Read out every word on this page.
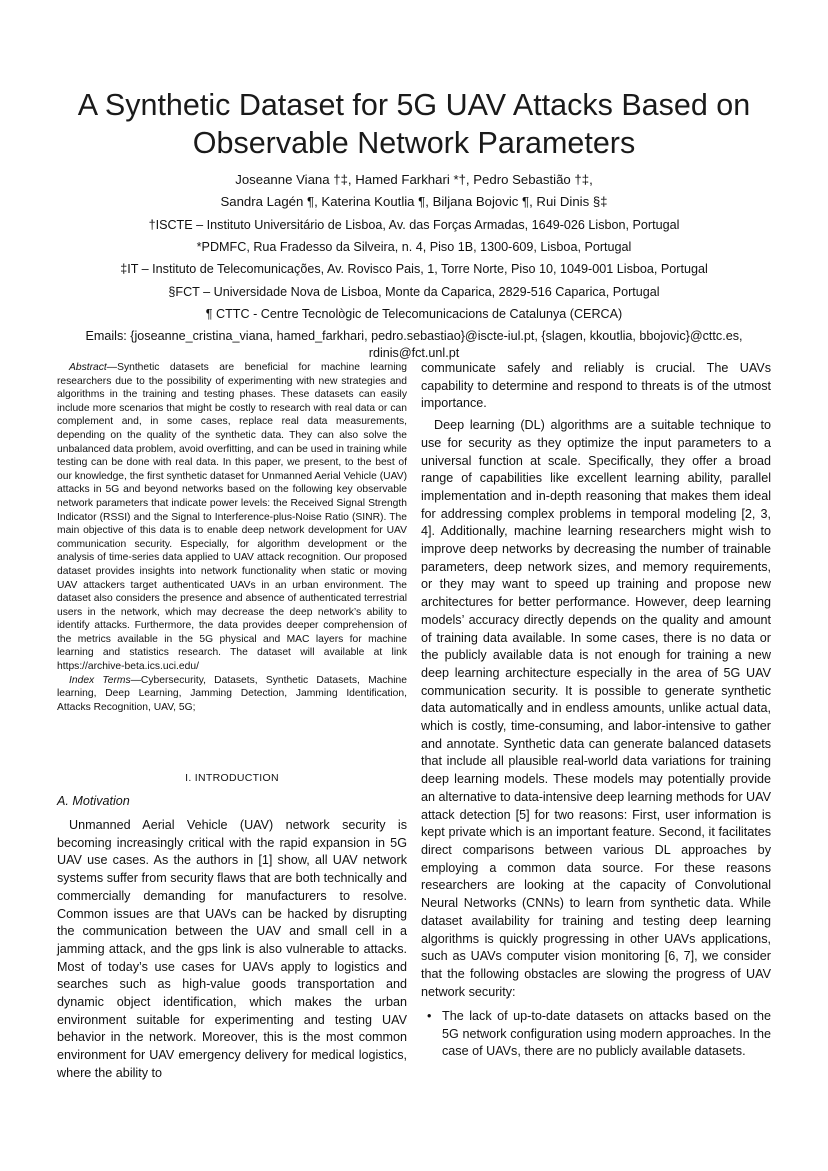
A Synthetic Dataset for 5G UAV Attacks Based on
Observable Network Parameters
Joseanne Viana †‡, Hamed Farkhari *†, Pedro Sebastião †‡,
Sandra Lagén ¶, Katerina Koutlia ¶, Biljana Bojovic ¶, Rui Dinis §‡
†ISCTE – Instituto Universitário de Lisboa, Av. das Forças Armadas, 1649-026 Lisbon, Portugal
*PDMFC, Rua Fradesso da Silveira, n. 4, Piso 1B, 1300-609, Lisboa, Portugal
‡IT – Instituto de Telecomunicações, Av. Rovisco Pais, 1, Torre Norte, Piso 10, 1049-001 Lisboa, Portugal
§FCT – Universidade Nova de Lisboa, Monte da Caparica, 2829-516 Caparica, Portugal
¶ CTTC - Centre Tecnològic de Telecomunicacions de Catalunya (CERCA)
Emails: {joseanne_cristina_viana, hamed_farkhari, pedro.sebastiao}@iscte-iul.pt, {slagen, kkoutlia, bbojovic}@cttc.es,
rdinis@fct.unl.pt

Abstract—Synthetic datasets are beneficial for machine learning researchers due to the possibility of experimenting with new strategies and algorithms in the training and testing phases. These datasets can easily include more scenarios that might be costly to research with real data or can complement and, in some cases, replace real data measurements, depending on the quality of the synthetic data. They can also solve the unbalanced data problem, avoid overfitting, and can be used in training while testing can be done with real data. In this paper, we present, to the best of our knowledge, the first synthetic dataset for Unmanned Aerial Vehicle (UAV) attacks in 5G and beyond networks based on the following key observable network parameters that indicate power levels: the Received Signal Strength Indicator (RSSI) and the Signal to Interference-plus-Noise Ratio (SINR). The main objective of this data is to enable deep network development for UAV communication security. Especially, for algorithm development or the analysis of time-series data applied to UAV attack recognition. Our proposed dataset provides insights into network functionality when static or moving UAV attackers target authenticated UAVs in an urban environment. The dataset also considers the presence and absence of authenticated terrestrial users in the network, which may decrease the deep network’s ability to identify attacks. Furthermore, the data provides deeper comprehension of the metrics available in the 5G physical and MAC layers for machine learning and statistics research. The dataset will available at link https://archive-beta.ics.uci.edu/

Index Terms—Cybersecurity, Datasets, Synthetic Datasets, Machine learning, Deep Learning, Jamming Detection, Jamming Identification, Attacks Recognition, UAV, 5G;

I. INTRODUCTION
A. Motivation

Unmanned Aerial Vehicle (UAV) network security is becoming increasingly critical with the rapid expansion in 5G UAV use cases. As the authors in [1] show, all UAV network systems suffer from security flaws that are both technically and commercially demanding for manufacturers to resolve. Common issues are that UAVs can be hacked by disrupting the communication between the UAV and small cell in a jamming attack, and the gps link is also vulnerable to attacks. Most of today’s use cases for UAVs apply to logistics and searches such as high-value goods transportation and dynamic object identification, which makes the urban environment suitable for experimenting and testing UAV behavior in the network. Moreover, this is the most common environment for UAV emergency delivery for medical logistics, where the ability to

communicate safely and reliably is crucial. The UAVs capability to determine and respond to threats is of the utmost importance.

Deep learning (DL) algorithms are a suitable technique to use for security as they optimize the input parameters to a universal function at scale. Specifically, they offer a broad range of capabilities like excellent learning ability, parallel implementation and in-depth reasoning that makes them ideal for addressing complex problems in temporal modeling [2, 3, 4]. Additionally, machine learning researchers might wish to improve deep networks by decreasing the number of trainable parameters, deep network sizes, and memory requirements, or they may want to speed up training and propose new architectures for better performance. However, deep learning models’ accuracy directly depends on the quality and amount of training data available. In some cases, there is no data or the publicly available data is not enough for training a new deep learning architecture especially in the area of 5G UAV communication security. It is possible to generate synthetic data automatically and in endless amounts, unlike actual data, which is costly, time-consuming, and labor-intensive to gather and annotate. Synthetic data can generate balanced datasets that include all plausible real-world data variations for training deep learning models. These models may potentially provide an alternative to data-intensive deep learning methods for UAV attack detection [5] for two reasons: First, user information is kept private which is an important feature. Second, it facilitates direct comparisons between various DL approaches by employing a common data source. For these reasons researchers are looking at the capacity of Convolutional Neural Networks (CNNs) to learn from synthetic data. While dataset availability for training and testing deep learning algorithms is quickly progressing in other UAVs applications, such as UAVs computer vision monitoring [6, 7], we consider that the following obstacles are slowing the progress of UAV network security:

• The lack of up-to-date datasets on attacks based on the 5G network configuration using modern approaches. In the case of UAVs, there are no publicly available datasets.
